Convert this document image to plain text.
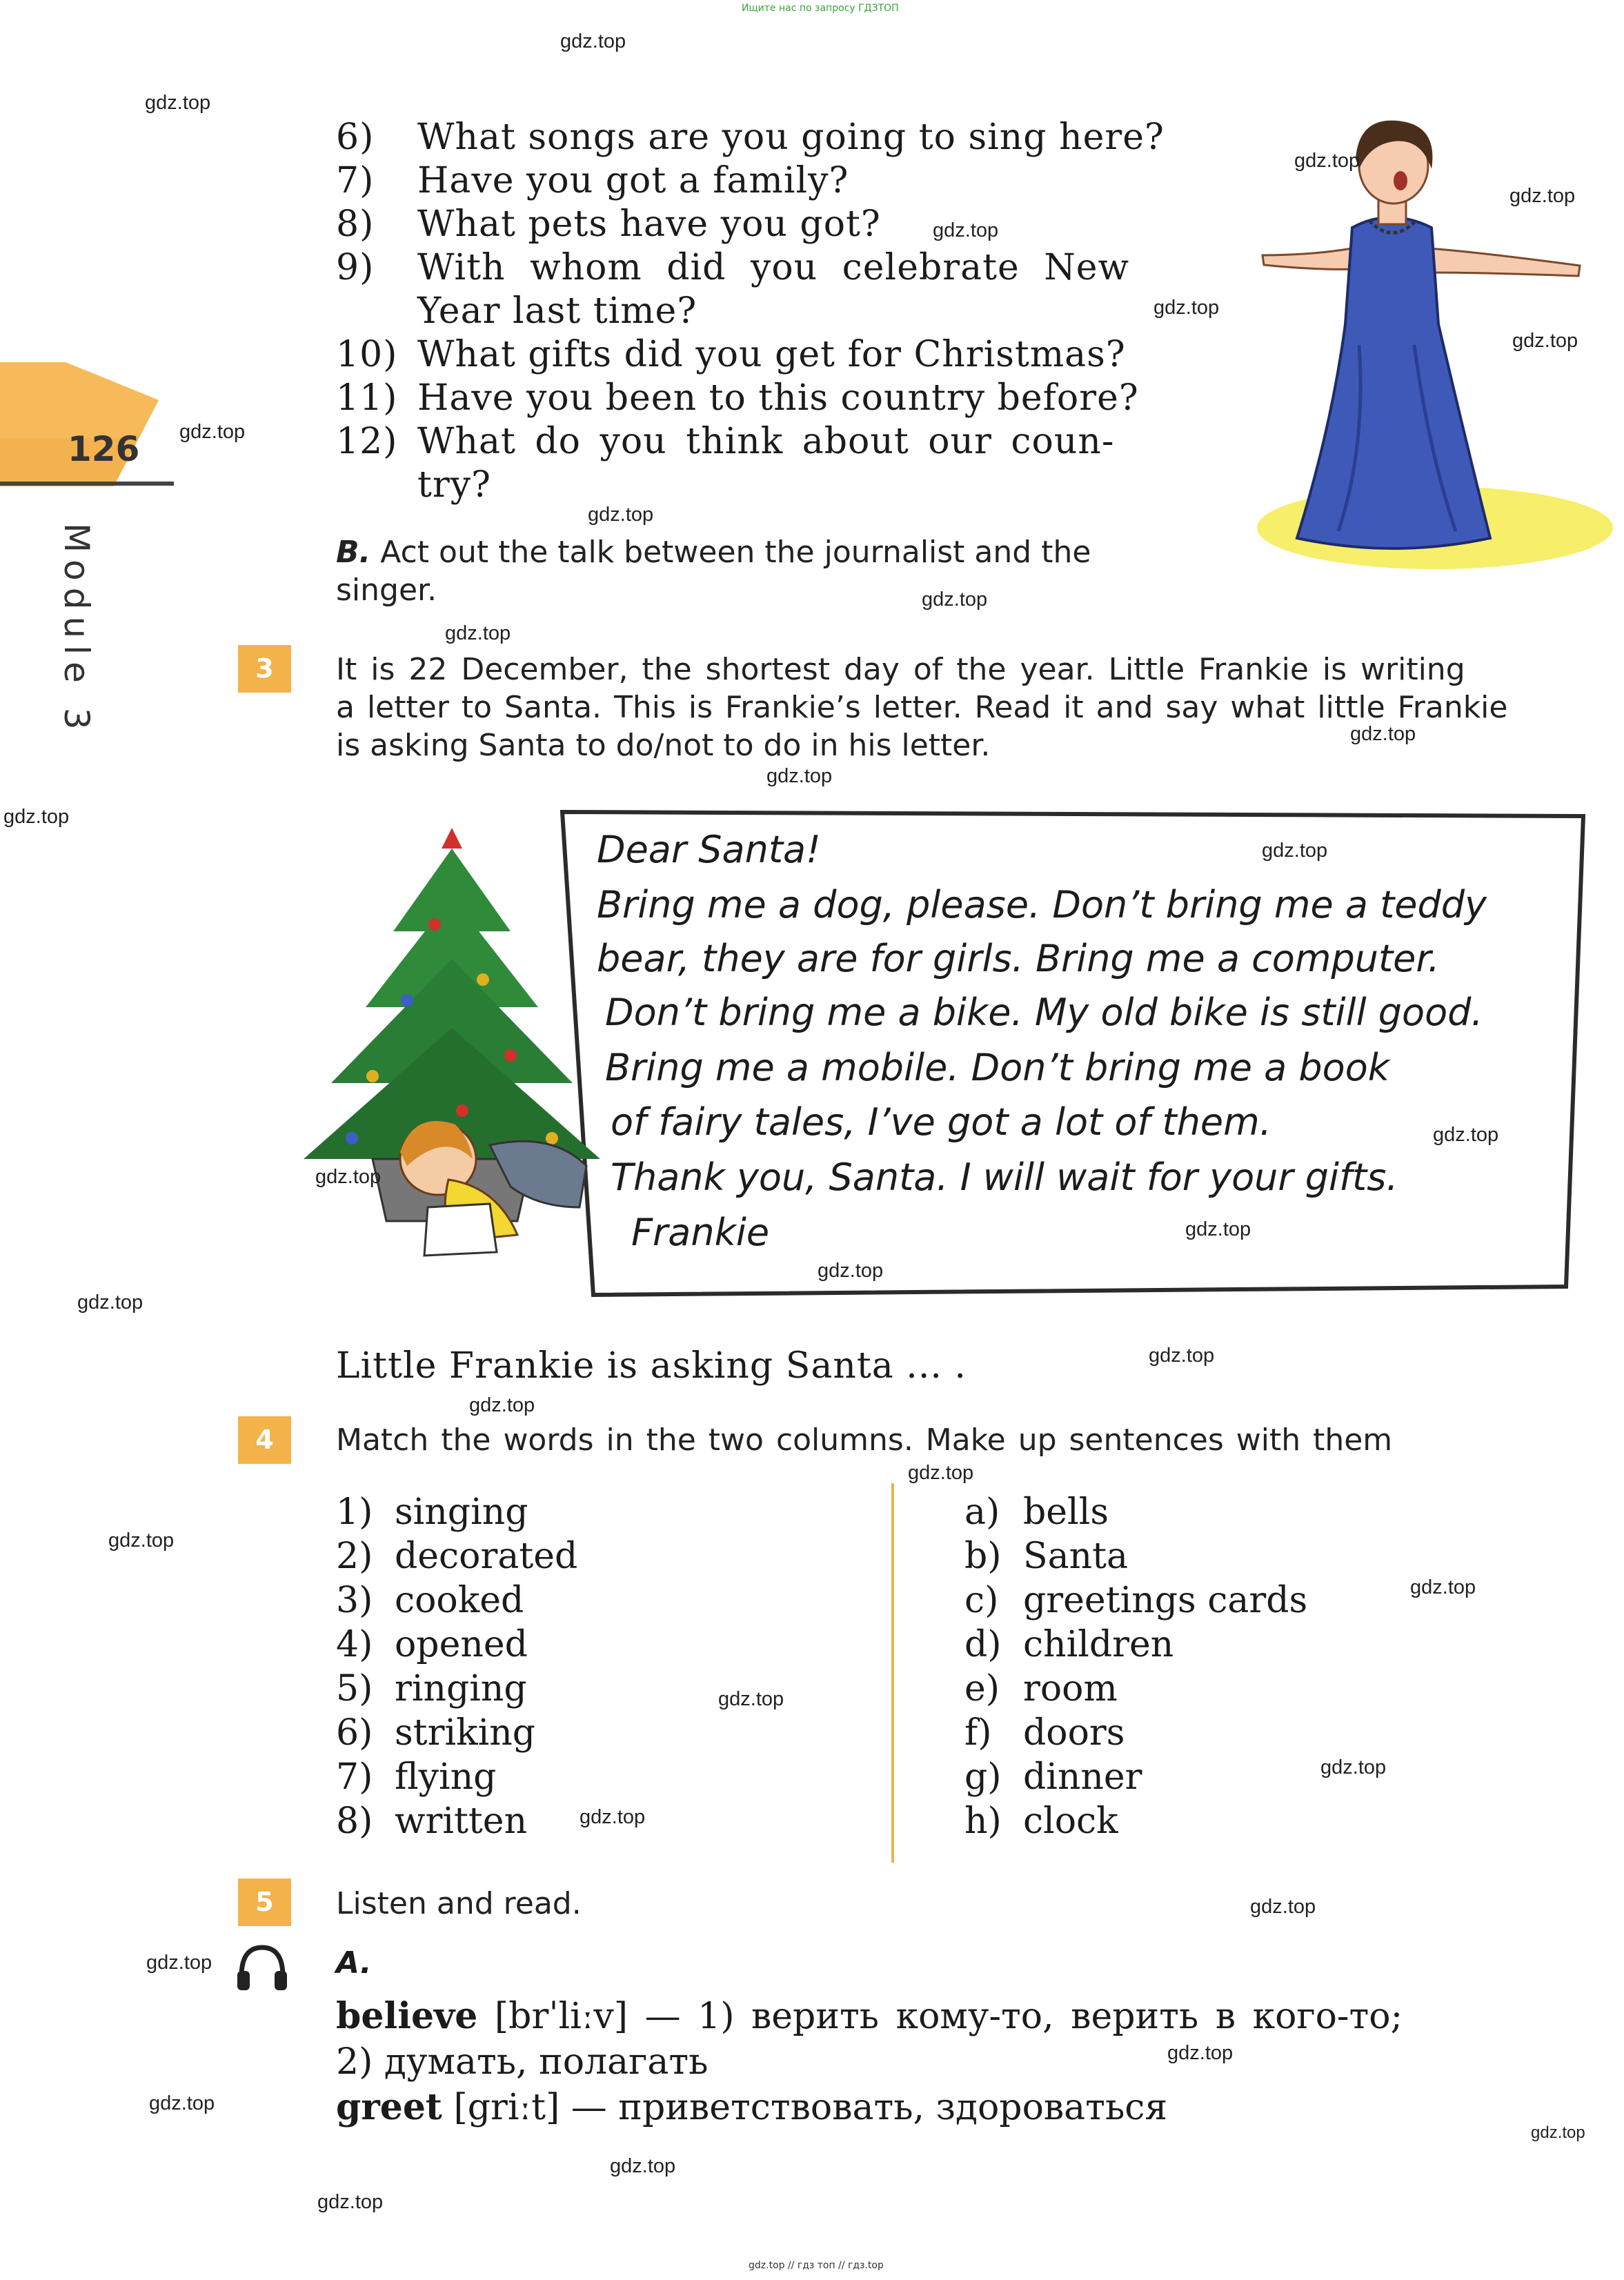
Ищите нас по запросу ГДЗТОП
126
Module 3
6) What songs are you going to sing here?
7) Have you got a family?
8) What pets have you got?
9) With whom did you celebrate New
Year last time?
10) What gifts did you get for Christmas?
11) Have you been to this country before?
12) What do you think about our coun-
try?
B. Act out the talk between the journalist and the
singer.
3	It is 22 December, the shortest day of the year. Little Frankie is writing
a letter to Santa. This is Frankie’s letter. Read it and say what little Frankie
is asking Santa to do/not to do in his letter.
Dear Santa!
Bring me a dog, please. Don’t bring me a teddy
bear, they are for girls. Bring me a computer.
Don’t bring me a bike. My old bike is still good.
Bring me a mobile. Don’t bring me a book
of fairy tales, I’ve got a lot of them.
Thank you, Santa. I will wait for your gifts.
Frankie
Little Frankie is asking Santa ... .
4	Match the words in the two columns. Make up sentences with them
1) singing
2) decorated
3) cooked
4) opened
5) ringing
6) striking
7) flying
8) written
a) bells
b) Santa
c) greetings cards
d) children
e) room
f) doors
g) dinner
h) clock
5	Listen and read.
A.
believe [brˈliːv] — 1) верить кому-то, верить в кого-то;
2) думать, полагать
greet [griːt] — приветствовать, здороваться
gdz.top
gdz.top
gdz.top
gdz.top
gdz.top
gdz.top
gdz.top
gdz.top
gdz.top
gdz.top
gdz.top
gdz.top
gdz.top
gdz.top
gdz.top
gdz.top
gdz.top
gdz.top
gdz.top
gdz.top
gdz.top
gdz.top
gdz.top
gdz.top
gdz.top
gdz.top
gdz.top
gdz.top
gdz.top
gdz.top
gdz.top
gdz.top
gdz.top
gdz.top
gdz.top
gdz.top // гдз топ // гдз.top
